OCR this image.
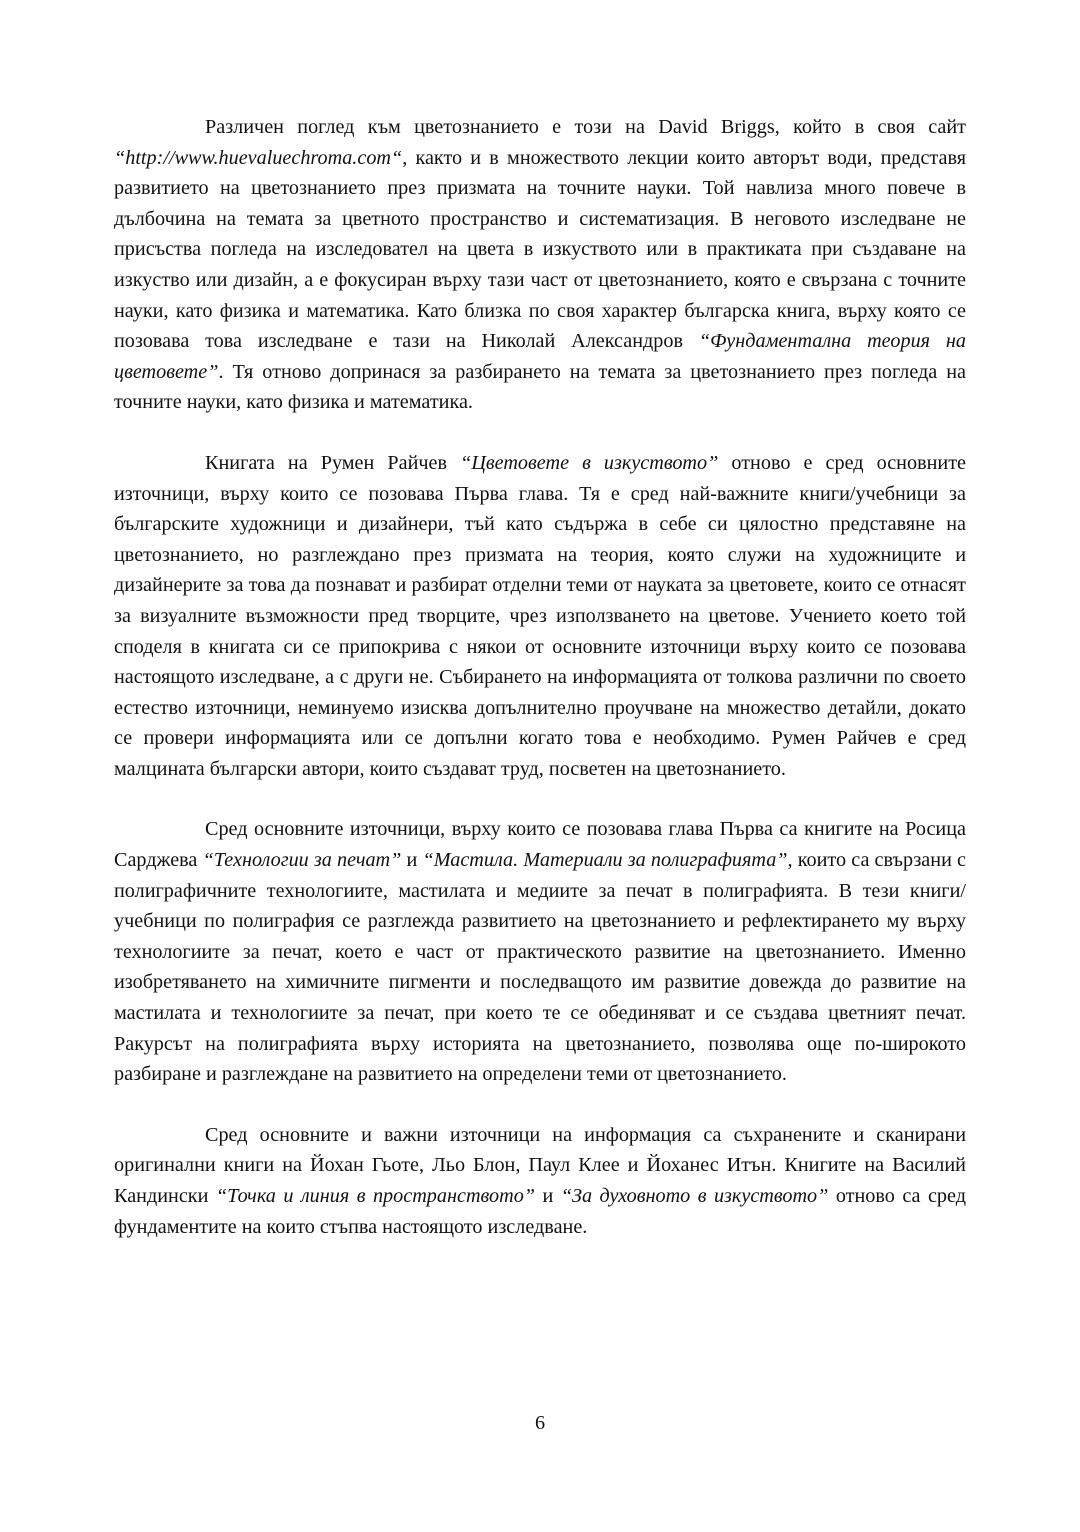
Различен поглед към цветознанието е този на David Briggs, който в своя сайт “http://www.huevaluechroma.com“, както и в множеството лекции които авторът води, представя развитието на цветознанието през призмата на точните науки. Той навлиза много повече в дълбочина на темата за цветното пространство и систематизация. В неговото изследване не присъства погледа на изследовател на цвета в изкуството или в практиката при създаване на изкуство или дизайн, а е фокусиран върху тази част от цветознанието, която е свързана с точните науки, като физика и математика. Като близка по своя характер българска книга, върху която се позовава това изследване е тази на Николай Александров “Фундаментална теория на цветовете”. Тя отново допринася за разбирането на темата за цветознанието през погледа на точните науки, като физика и математика.

Книгата на Румен Райчев “Цветовете в изкуството” отново е сред основните източници, върху които се позовава Първа глава. Тя е сред най-важните книги/учебници за българските художници и дизайнери, тъй като съдържа в себе си цялостно представяне на цветознанието, но разглеждано през призмата на теория, която служи на художниците и дизайнерите за това да познават и разбират отделни теми от науката за цветовете, които се отнасят за визуалните възможности пред творците, чрез използването на цветове. Учението което той споделя в книгата си се припокрива с някои от основните източници върху които се позовава настоящото изследване, а с други не. Събирането на информацията от толкова различни по своето естество източници, неминуемо изисква допълнително проучване на множество детайли, докато се провери информацията или се допълни когато това е необходимо. Румен Райчев е сред малцината български автори, които създават труд, посветен на цветознанието.

Сред основните източници, върху които се позовава глава Първа са книгите на Росица Сарджева “Технологии за печат” и “Мастила. Материали за полиграфията”, които са свързани с полиграфичните технологиите, мастилата и медиите за печат в полиграфията. В тези книги/учебници по полиграфия се разглежда развитието на цветознанието и рефлектирането му върху технологиите за печат, което е част от практическото развитие на цветознанието. Именно изобретяването на химичните пигменти и последващото им развитие довежда до развитие на мастилата и технологиите за печат, при което те се обединяват и се създава цветният печат. Ракурсът на полиграфията върху историята на цветознанието, позволява още по-широкото разбиране и разглеждане на развитието на определени теми от цветознанието.

Сред основните и важни източници на информация са съхранените и сканирани оригинални книги на Йохан Гьоте, Льо Блон, Паул Клее и Йоханес Итън. Книгите на Василий Кандински “Точка и линия в пространството” и “За духовното в изкуството” отново са сред фундаментите на които стъпва настоящото изследване.

6
